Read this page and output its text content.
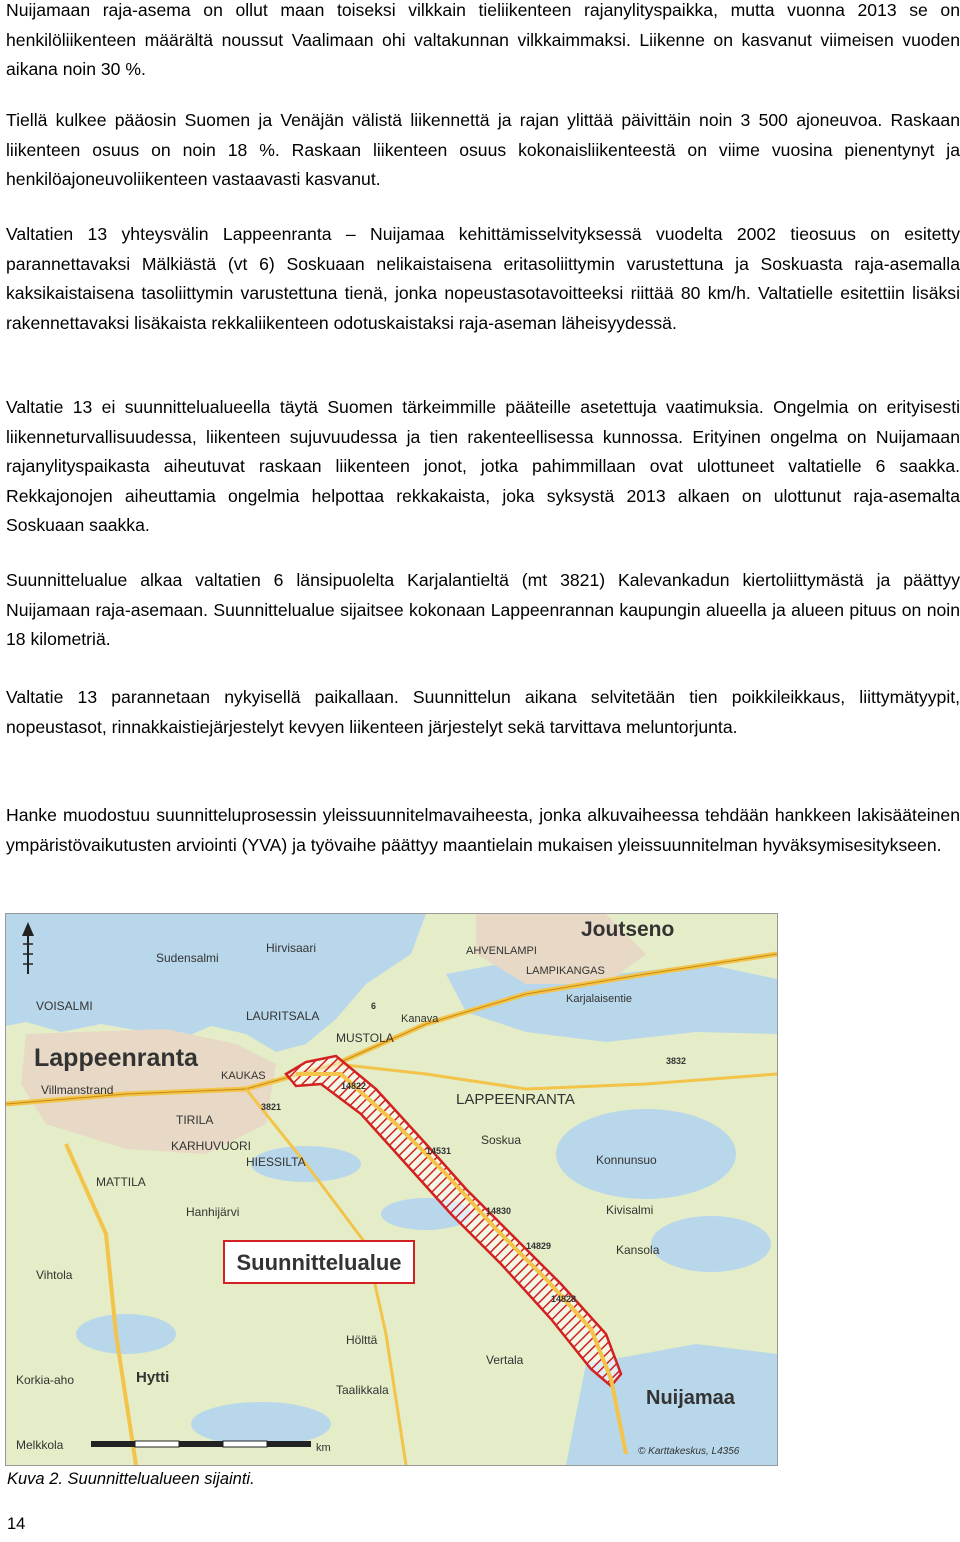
Nuijamaan raja-asema on ollut maan toiseksi vilkkain tieliikenteen rajanylityspaikka, mutta vuonna 2013 se on henkilöliikenteen määrältä noussut Vaalimaan ohi valtakunnan vilkkaimmaksi. Liikenne on kasvanut viimeisen vuoden aikana noin 30 %.

Tiellä kulkee pääosin Suomen ja Venäjän välistä liikennettä ja rajan ylittää päivittäin noin 3 500 ajoneuvoa. Raskaan liikenteen osuus on noin 18 %. Raskaan liikenteen osuus kokonaisliikenteestä on viime vuosina pienentynyt ja henkilöajoneuvoliikenteen vastaavasti kasvanut.

Valtatien 13 yhteysvälin Lappeenranta – Nuijamaa kehittämisselvityksessä vuodelta 2002 tieosuus on esitetty parannettavaksi Mälkiästä (vt 6) Soskuaan nelikaistaisena eritasoliittymin varustettuna ja Soskuasta raja-asemalla kaksikaistaisena tasoliittymin varustettuna tienä, jonka nopeustasotavoitteeksi riittää 80 km/h. Valtatielle esitettiin lisäksi rakennettavaksi lisäkaista rekkaliikenteen odotuskaistaksi raja-aseman läheisyydessä.

Valtatie 13 ei suunnittelualueella täytä Suomen tärkeimmille pääteille asetettuja vaatimuksia. Ongelmia on erityisesti liikenneturvallisuudessa, liikenteen sujuvuudessa ja tien rakenteellisessa kunnossa. Erityinen ongelma on Nuijamaan rajanylityspaikasta aiheutuvat raskaan liikenteen jonot, jotka pahimmillaan ovat ulottuneet valtatielle 6 saakka. Rekkajonojen aiheuttamia ongelmia helpottaa rekkakaista, joka syksystä 2013 alkaen on ulottunut raja-asemalta Soskuaan saakka.

Suunnittelualue alkaa valtatien 6 länsipuolelta Karjalantieltä (mt 3821) Kalevankadun kiertoliittymästä ja päättyy Nuijamaan raja-asemaan. Suunnittelualue sijaitsee kokonaan Lappeenrannan kaupungin alueella ja alueen pituus on noin 18 kilometriä.

Valtatie 13 parannetaan nykyisellä paikallaan. Suunnittelun aikana selvitetään tien poikkileikkaus, liittymätyypit, nopeustasot, rinnakkaistiejärjestelyt kevyen liikenteen järjestelyt sekä tarvittava meluntorjunta.

Hanke muodostuu suunnitteluprosessin yleissuunnitelmavaiheesta, jonka alkuvaiheessa tehdään hankkeen lakisääteinen ympäristövaikutusten arviointi (YVA) ja työvaihe päättyy maantielain mukaisen yleissuunnitelman hyväksymisesitykseen.

Lappeenranta
Joutseno
Nuijamaa
LAPPEENRANTA
LAURITSALA
MUSTOLA
KAUKAS
TIRILA
KARHUVUORI
HIESSILTA
MATTILA
VOISALMI
Sudensalmi
Villmanstrand
Hytti
Melkkola
Korkia-aho
Soskua
Konnunsuo
Kivisalmi
Kansola
Hanhijärvi
Hölttä
Vertala
Taalikkala
Vihtola
Hirvisaari	AHVENLAMPI
LAMPIKANGAS
Karjalaisentie
Kanava
14822
14531
14830
14829
14828
3821
3832
6
Suunnittelualue
km	© Karttakeskus, L4356
Kuva 2. Suunnittelualueen sijainti.
14
